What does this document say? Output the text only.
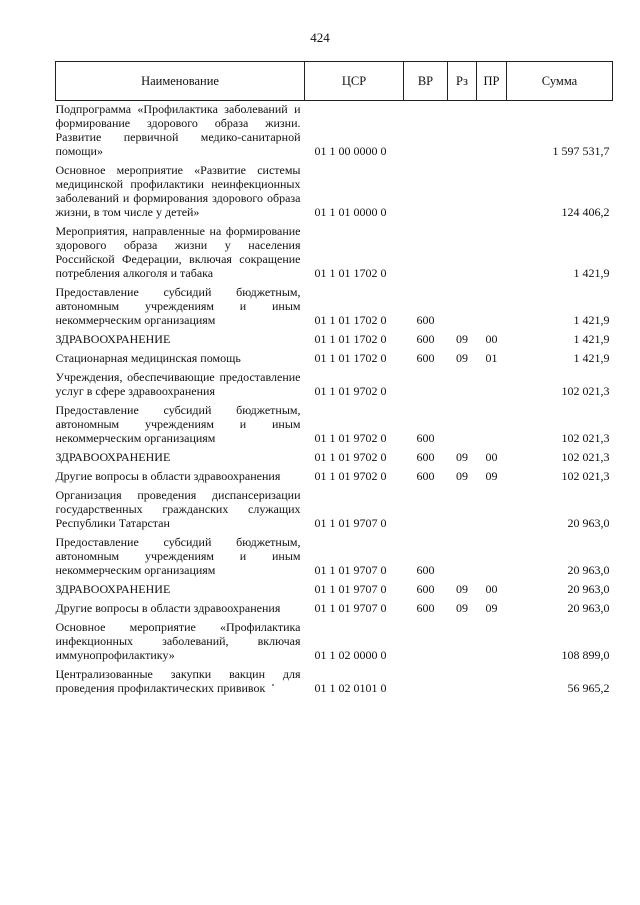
424
Наименование	ЦСР	ВР	Рз	ПР	Сумма
Подпрограмма «Профилактика заболеваний и формирование здорового образа жизни. Развитие первичной медико-санитарной помощи»	01 1 00 0000 0				1 597 531,7
Основное мероприятие «Развитие системы медицинской профилактики неинфекционных заболеваний и формирования здорового образа жизни, в том числе у детей»	01 1 01 0000 0				124 406,2
Мероприятия, направленные на формирование здорового образа жизни у населения Российской Федерации, включая сокращение потребления алкоголя и табака	01 1 01 1702 0				1 421,9
Предоставление субсидий бюджетным, автономным учреждениям и иным некоммерческим организациям	01 1 01 1702 0	600			1 421,9
ЗДРАВООХРАНЕНИЕ	01 1 01 1702 0	600	09	00	1 421,9
Стационарная медицинская помощь	01 1 01 1702 0	600	09	01	1 421,9
Учреждения, обеспечивающие предоставление услуг в сфере здравоохранения	01 1 01 9702 0				102 021,3
Предоставление субсидий бюджетным, автономным учреждениям и иным некоммерческим организациям	01 1 01 9702 0	600			102 021,3
ЗДРАВООХРАНЕНИЕ	01 1 01 9702 0	600	09	00	102 021,3
Другие вопросы в области здравоохранения	01 1 01 9702 0	600	09	09	102 021,3
Организация проведения диспансеризации государственных гражданских служащих Республики Татарстан	01 1 01 9707 0				20 963,0
Предоставление субсидий бюджетным, автономным учреждениям и иным некоммерческим организациям	01 1 01 9707 0	600			20 963,0
ЗДРАВООХРАНЕНИЕ	01 1 01 9707 0	600	09	00	20 963,0
Другие вопросы в области здравоохранения	01 1 01 9707 0	600	09	09	20 963,0
Основное мероприятие «Профилактика инфекционных заболеваний, включая иммунопрофилактику»	01 1 02 0000 0				108 899,0
Централизованные закупки вакцин для проведения профилактических прививок	01 1 02 0101 0				56 965,2
